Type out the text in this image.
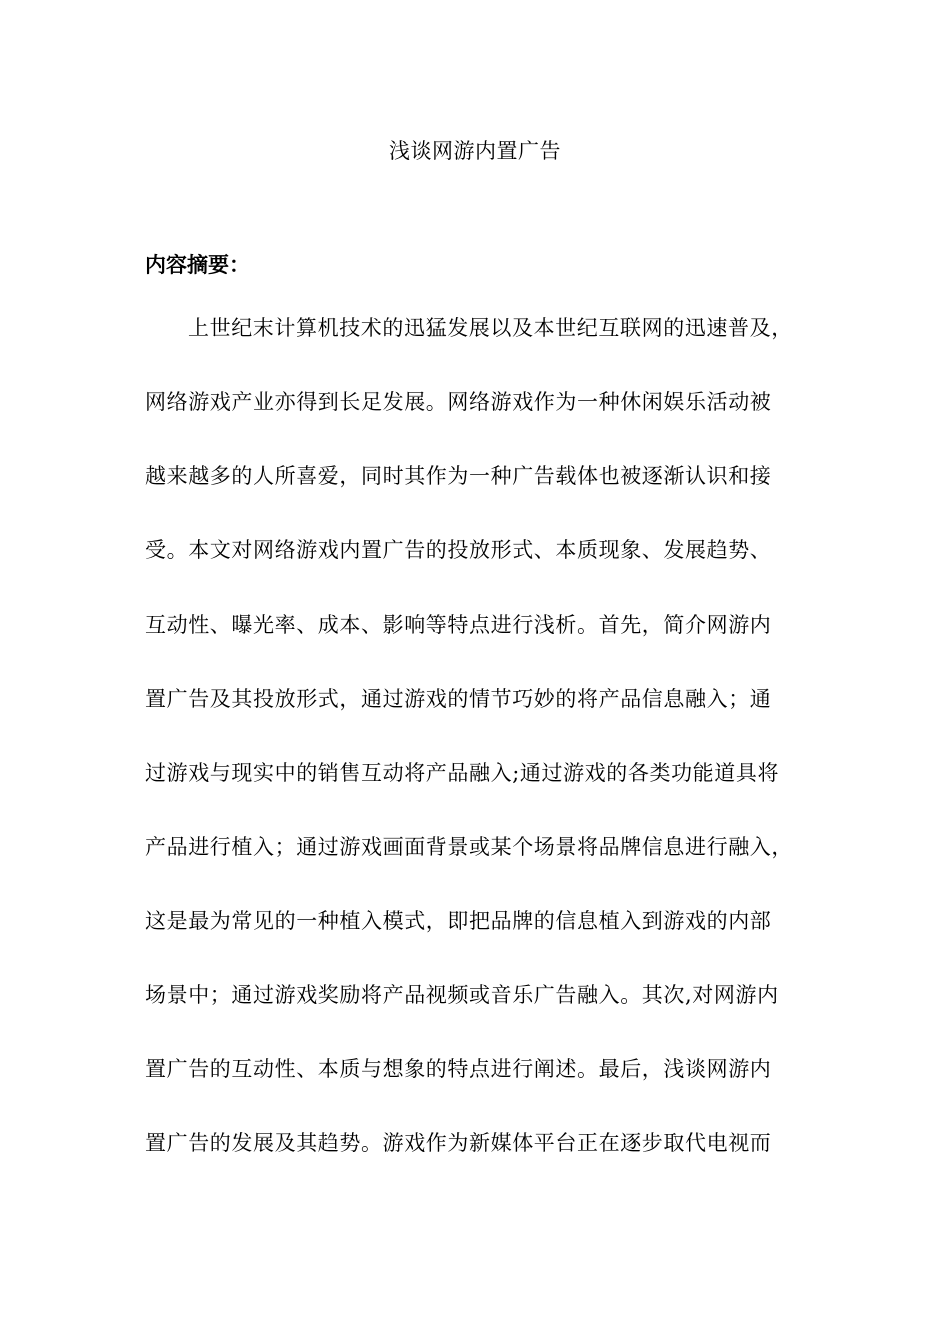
浅谈网游内置广告
内容摘要：
上世纪末计算机技术的迅猛发展以及本世纪互联网的迅速普及，
网络游戏产业亦得到长足发展。网络游戏作为一种休闲娱乐活动被
越来越多的人所喜爱，同时其作为一种广告载体也被逐渐认识和接
受。本文对网络游戏内置广告的投放形式、本质现象、发展趋势、
互动性、曝光率、成本、影响等特点进行浅析。首先，简介网游内
置广告及其投放形式，通过游戏的情节巧妙的将产品信息融入；通
过游戏与现实中的销售互动将产品融入;通过游戏的各类功能道具将
产品进行植入；通过游戏画面背景或某个场景将品牌信息进行融入，
这是最为常见的一种植入模式，即把品牌的信息植入到游戏的内部
场景中；通过游戏奖励将产品视频或音乐广告融入。其次,对网游内
置广告的互动性、本质与想象的特点进行阐述。最后，浅谈网游内
置广告的发展及其趋势。游戏作为新媒体平台正在逐步取代电视而
